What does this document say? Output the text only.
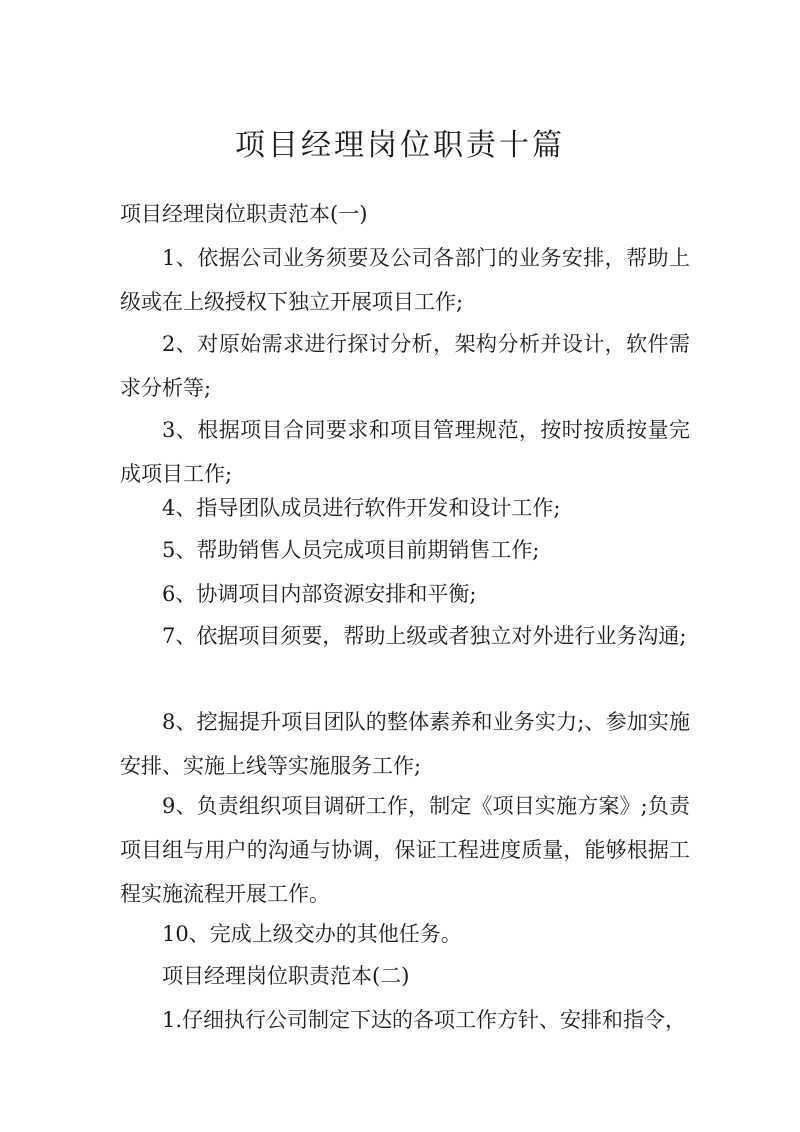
项目经理岗位职责十篇

项目经理岗位职责范本(一)

1、依据公司业务须要及公司各部门的业务安排，帮助上级或在上级授权下独立开展项目工作;

2、对原始需求进行探讨分析，架构分析并设计，软件需求分析等;

3、根据项目合同要求和项目管理规范，按时按质按量完成项目工作;

4、指导团队成员进行软件开发和设计工作;

5、帮助销售人员完成项目前期销售工作;

6、协调项目内部资源安排和平衡;

7、依据项目须要，帮助上级或者独立对外进行业务沟通;

8、挖掘提升项目团队的整体素养和业务实力;、参加实施安排、实施上线等实施服务工作;

9、负责组织项目调研工作，制定《项目实施方案》;负责项目组与用户的沟通与协调，保证工程进度质量，能够根据工程实施流程开展工作。

10、完成上级交办的其他任务。

项目经理岗位职责范本(二)

1.仔细执行公司制定下达的各项工作方针、安排和指令，
